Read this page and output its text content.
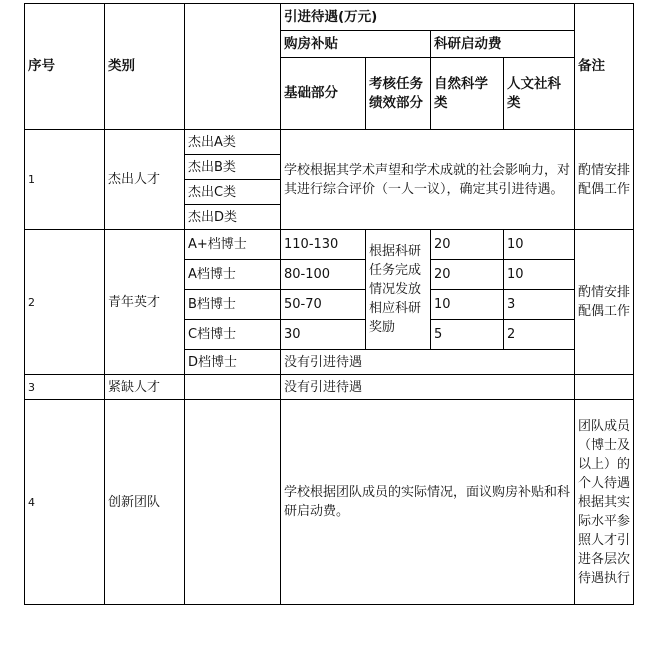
序号	类别		引进待遇(万元)				备注
			购房补贴		科研启动费		
			基础部分	考核任务绩效部分	自然科学类	人文社科类	

1	杰出人才	杰出A类	学校根据其学术声望和学术成就的社会影响力，对其进行综合评价（一人一议），确定其引进待遇。				酌情安排配偶工作
		杰出B类					
		杰出C类					
		杰出D类					
2	青年英才	A+档博士	110-130	根据科研任务完成情况发放相应科研奖励	20	10	酌情安排配偶工作
		A档博士	80-100		20	10	
		B档博士	50-70		10	3	
		C档博士	30		5	2	
		D档博士	没有引进待遇				
3	紧缺人才		没有引进待遇				
4	创新团队		学校根据团队成员的实际情况，面议购房补贴和科研启动费。				团队成员（博士及以上）的个人待遇根据其实际水平参照人才引进各层次待遇执行
